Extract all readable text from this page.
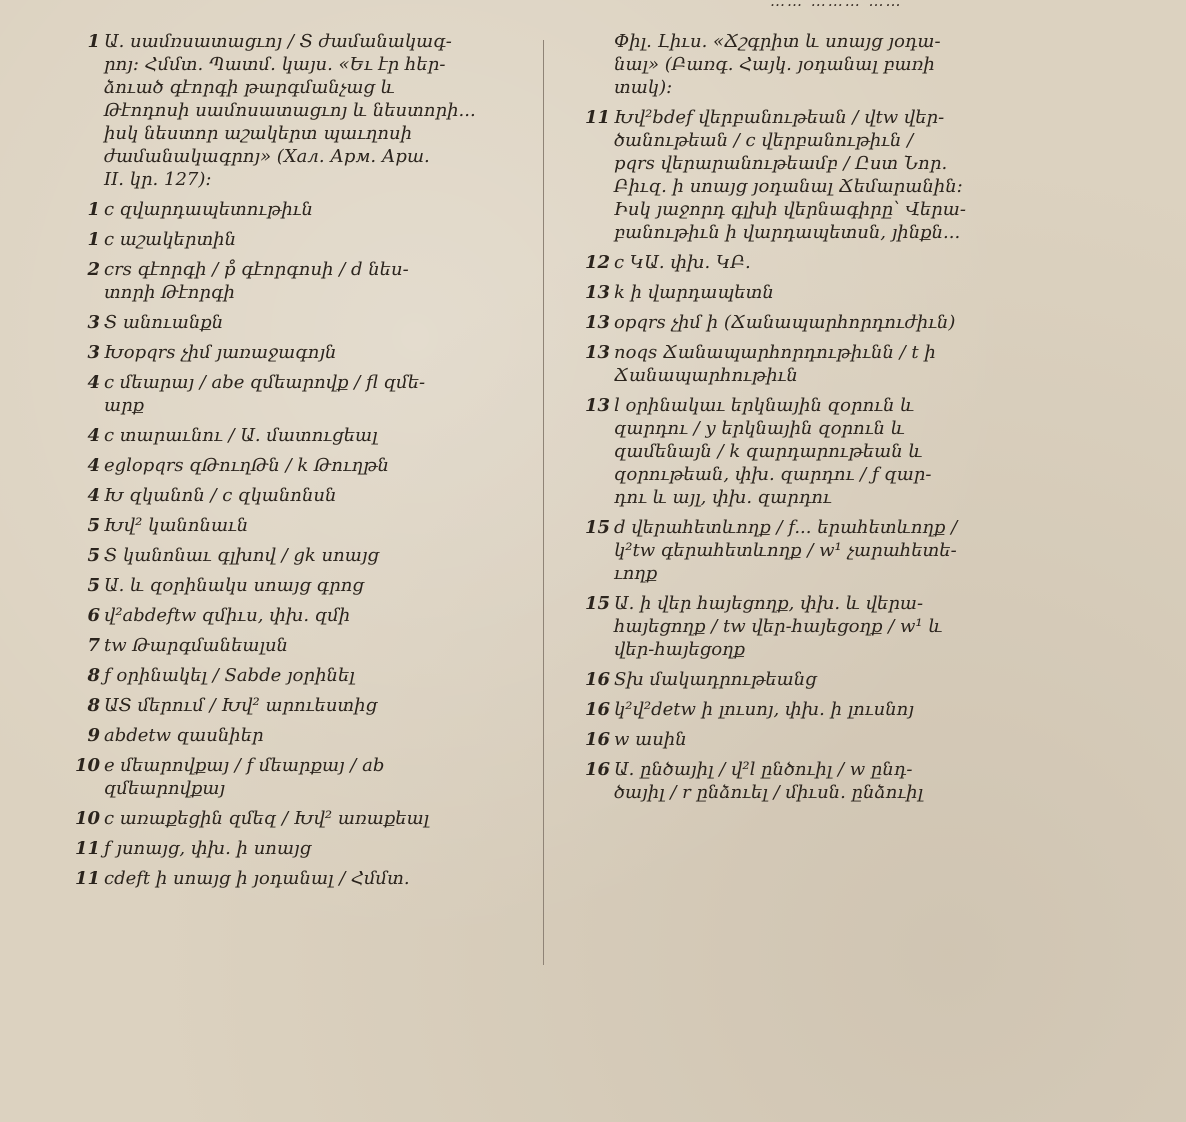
1 Ա. սամռսատացւոյ / Տ ժամանակագ-
րոյ։ Հմմտ. Պատմ. կայս. «Եւ էր հեր-
ձուած գէորգի թարգմանչաց և
Թէոդոսի սամոսատացւոյ և նեստորի...
իսկ նեստոր աշակերտ պաւղոսի
ժամանակագրոյ» (Хал. Арм. Арш.
II. կր. 127)։
1 c զվարդապետութիւն
1 c աշակերտին
2 crs գէորգի / p̊ գէորգոսի / d նես-
տորի Թէորգի
3 Տ անուանքն
3 Խopqrs չիմ յառաջագոյն
4 c մեարայ / abe զմեարովք / fl զմե-
արք
4 c տարաւնու / Ա. մատուցեալ
4 eglopqrs զԹուղԹն / k Թուղթն
4 Խ զկանոն / c զկանոնսն
5 Խվ² կանոնաւն
5 Տ կանոնաւ գլխով / gk սոայց
5 Ա. և զօրինակս սոայց գրոց
6 վ²abdeftw զմիւս, փխ. զմի
7 tw Թարգմանեալսն
8 ƒ օրինակել / Sabde յօրինել
8 ԱՏ մերում / Խվ² արուեստից
9 abdetw զասնիեր
10 e մեարովքայ / f մեարքայ / ab
զմեարովքայ
10 c առաքեցին զմեզ / Խվ² առաքեալ
11 ƒ յսոայց, փխ. ի սոայց
11 cdeft ի սոայց ի յօդանալ / Հմմտ.
Փիլ. Լիւս. «Ճշգրիտ և սոայց յօդա-
նալ» (Բառգ. Հայկ. յօդանալ բառի
տակ)։
11 Խվ²bdef վերբանութեան / վtw վեր-
ծանութեան / c վերբանութիւն /
pqrs վերարանութեամբ / Ըստ Նոր.
Բիւզ. ի սոայց յօդանալ Ճեմարանին։
Իսկ յաջորդ գլխի վերնագիրը՝ Վերա-
բանութիւն ի վարդապետսն, յինքն...
12 c ԿԱ. փխ. ԿԲ.
13 k ի վարդապետն
13 opqrs չիմ ի (Ճանապարհորդուժիւն)
13 noqs Ճանապարհորդութիւնն / t ի
Ճանապարհութիւն
13 l օրինակաւ երկնային զօրուն և
զարդու / y երկնային զօրուն և
զամենայն / k զարդարութեան և
զօրութեան, փխ. զարդու / ƒ զար-
դու և այլ, փխ. զարդու
15 d վերահետևողք / f... երահետևողք /
կ²tw գերահետևողք / w¹ չարահետե-
ւողք
15 Ա. ի վեր հայեցողք, փխ. և վերա-
հայեցողք / tw վեր-հայեցօղք / w¹ և
վեր-հայեցօղք
16 Sխ մակադրութեանց
16 կ²վ²detw ի լուսոյ, փխ. ի լուսնոյ
16 w ասին
16 Ա. ընծայիլ / վ²l ընծուիլ / w ընդ-
ծայիլ / r ընձուել / միւսն. ընձուիլ
